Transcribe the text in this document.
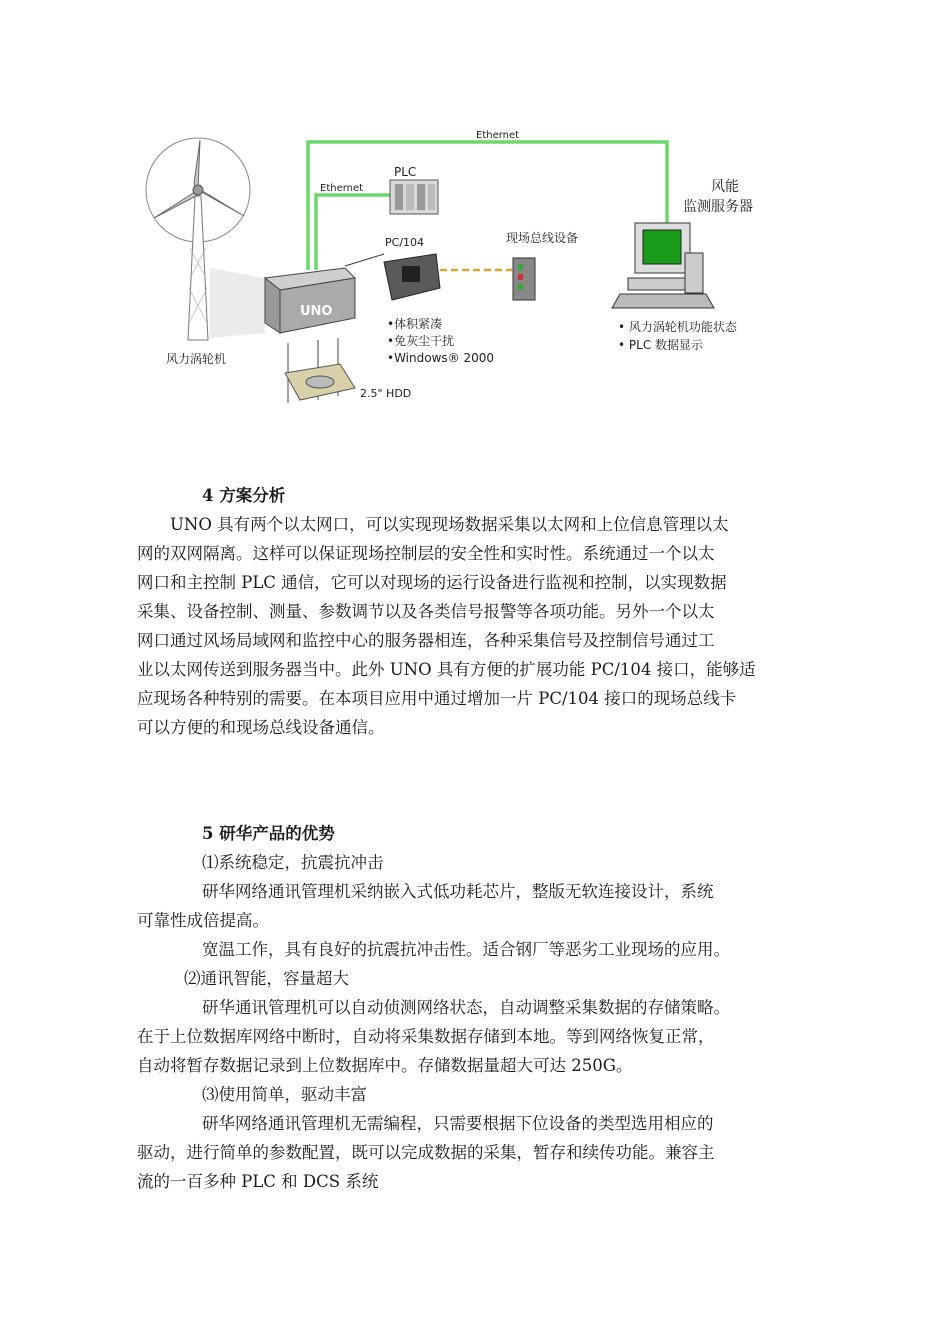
风力涡轮机
Ethernet
Ethernet
PLC
PC/104	现场总线设备
UNO
2.5" HDD
•体积紧凑
•免灰尘干扰
•Windows® 2000
风能
监测服务器
• 风力涡轮机功能状态
• PLC 数据显示

4 方案分析

UNO 具有两个以太网口，可以实现现场数据采集以太网和上位信息管理以太

网的双网隔离。这样可以保证现场控制层的安全性和实时性。系统通过一个以太

网口和主控制 PLC 通信，它可以对现场的运行设备进行监视和控制，以实现数据

采集、设备控制、测量、参数调节以及各类信号报警等各项功能。另外一个以太

网口通过风场局域网和监控中心的服务器相连，各种采集信号及控制信号通过工

业以太网传送到服务器当中。此外 UNO 具有方便的扩展功能 PC/104 接口，能够适

应现场各种特别的需要。在本项目应用中通过增加一片 PC/104 接口的现场总线卡

可以方便的和现场总线设备通信。

5 研华产品的优势

⑴系统稳定，抗震抗冲击

研华网络通讯管理机采纳嵌入式低功耗芯片，整版无软连接设计，系统

可靠性成倍提高。

宽温工作，具有良好的抗震抗冲击性。适合钢厂等恶劣工业现场的应用。

⑵通讯智能，容量超大

研华通讯管理机可以自动侦测网络状态，自动调整采集数据的存储策略。

在于上位数据库网络中断时，自动将采集数据存储到本地。等到网络恢复正常，

自动将暂存数据记录到上位数据库中。存储数据量超大可达 250G。

⑶使用简单，驱动丰富

研华网络通讯管理机无需编程，只需要根据下位设备的类型选用相应的

驱动，进行简单的参数配置，既可以完成数据的采集，暂存和续传功能。兼容主

流的一百多种 PLC 和 DCS 系统
